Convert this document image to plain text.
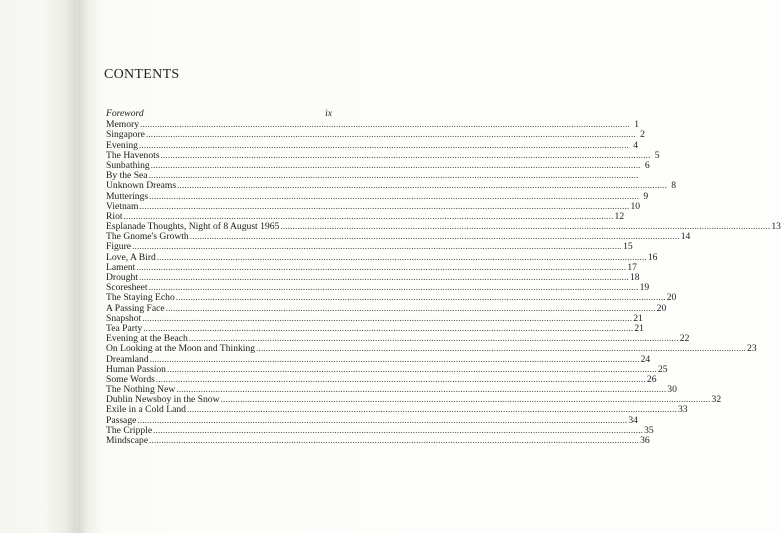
CONTENTS
Foreword	ix
Memory ........................................................................................................................................................................................................ 1
Singapore ........................................................................................................................................................................................................ 2
Evening ........................................................................................................................................................................................................ 4
The Havenots ........................................................................................................................................................................................................ 5
Sunbathing ........................................................................................................................................................................................................ 6
By the Sea ........................................................................................................................................................................................................
Unknown Dreams ........................................................................................................................................................................................................ 8
Mutterings ........................................................................................................................................................................................................ 9
Vietnam ........................................................................................................................................................................................................ 10
Riot ........................................................................................................................................................................................................ 12
Esplanade Thoughts, Night of 8 August 1965 ........................................................................................................................................................................................................ 13
The Gnome's Growth ........................................................................................................................................................................................................ 14
Figure ........................................................................................................................................................................................................ 15
Love, A Bird ........................................................................................................................................................................................................ 16
Lament ........................................................................................................................................................................................................ 17
Drought ........................................................................................................................................................................................................ 18
Scoresheet ........................................................................................................................................................................................................ 19
The Staying Echo ........................................................................................................................................................................................................ 20
A Passing Face ........................................................................................................................................................................................................ 20
Snapshot ........................................................................................................................................................................................................ 21
Tea Party ........................................................................................................................................................................................................ 21
Evening at the Beach ........................................................................................................................................................................................................ 22
On Looking at the Moon and Thinking ........................................................................................................................................................................................................ 23
Dreamland ........................................................................................................................................................................................................ 24
Human Passion ........................................................................................................................................................................................................ 25
Some Words ........................................................................................................................................................................................................ 26
The Nothing New ........................................................................................................................................................................................................ 30
Dublin Newsboy in the Snow ........................................................................................................................................................................................................ 32
Exile in a Cold Land ........................................................................................................................................................................................................ 33
Passage ........................................................................................................................................................................................................ 34
The Cripple ........................................................................................................................................................................................................ 35
Mindscape ........................................................................................................................................................................................................ 36
